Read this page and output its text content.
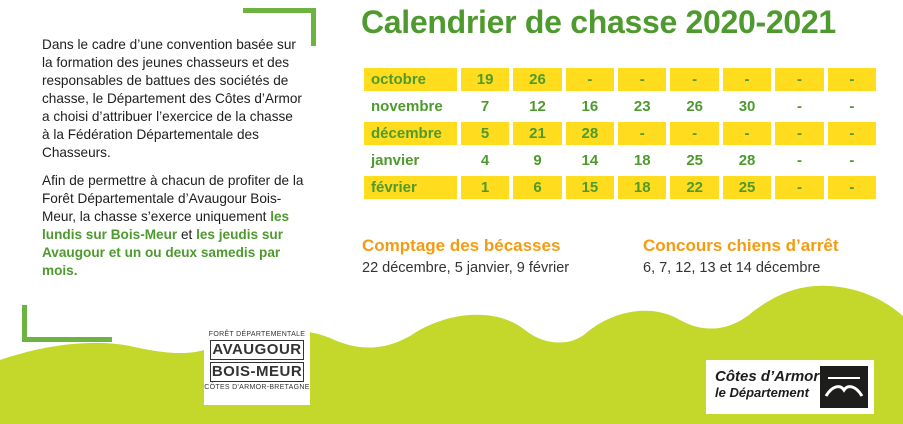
Dans le cadre d’une convention basée sur la formation des jeunes chasseurs et des responsables de battues des sociétés de chasse, le Département des Côtes d’Armor a choisi d’attribuer l’exercice de la chasse à la Fédération Départementale des Chasseurs.

Afin de permettre à chacun de profiter de la Forêt Départementale d’Avaugour Bois-Meur, la chasse s’exerce uniquement les lundis sur Bois-Meur et les jeudis sur Avaugour et un ou deux samedis par mois.

Calendrier de chasse 2020-2021
octobre	19	26	-	-	-	-	-	-
novembre	7	12	16	23	26	30	-	-
décembre	5	21	28	-	-	-	-	-
janvier	4	9	14	18	25	28	-	-
février	1	6	15	18	22	25	-	-
Comptage des bécasses
22 décembre, 5 janvier, 9 février
Concours chiens d’arrêt
6, 7, 12, 13 et 14 décembre
FORÊT DÉPARTEMENTALE
AVAUGOUR
BOIS-MEUR
CÔTES D'ARMOR-BRETAGNE
Côtes d’Armor
le Département
